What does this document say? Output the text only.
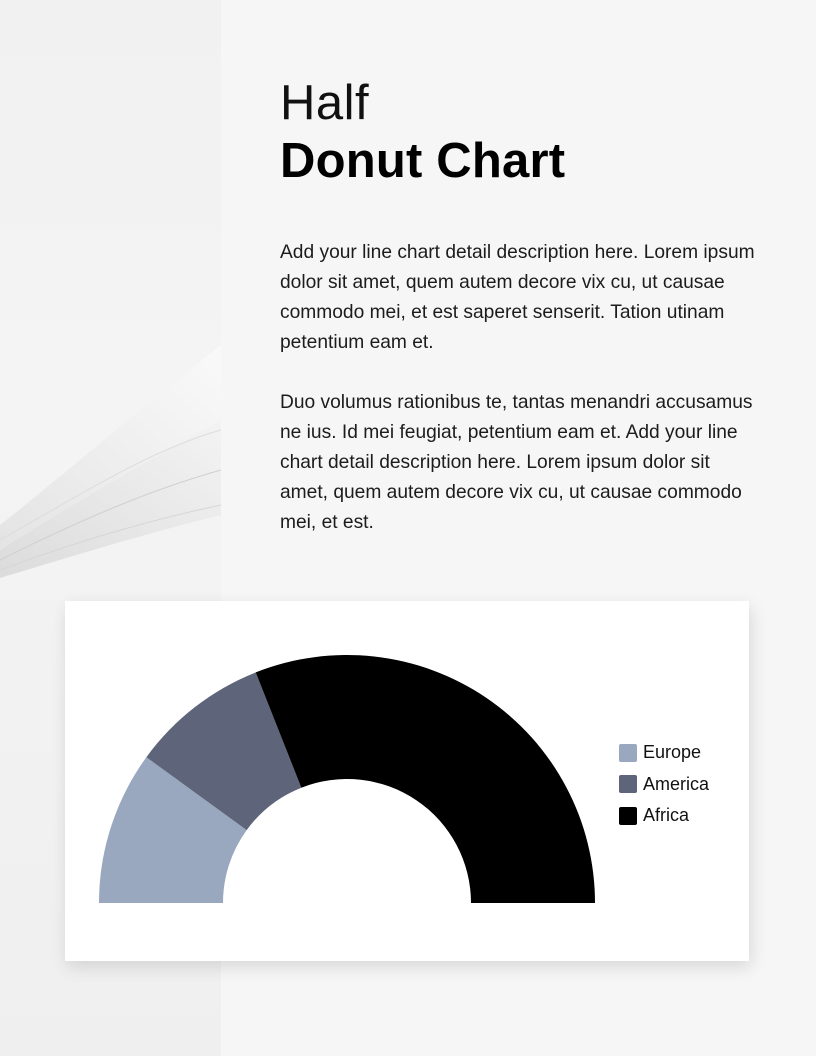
Half
Donut Chart

Add your line chart detail description here. Lorem ipsum dolor sit amet, quem autem decore vix cu, ut causae commodo mei, et est saperet senserit. Tation utinam petentium eam et.

Duo volumus rationibus te, tantas menandri accusamus ne ius. Id mei feugiat, petentium eam et. Add your line chart detail description here. Lorem ipsum dolor sit amet, quem autem decore vix cu, ut causae commodo mei, et est.

Europe
America
Africa
